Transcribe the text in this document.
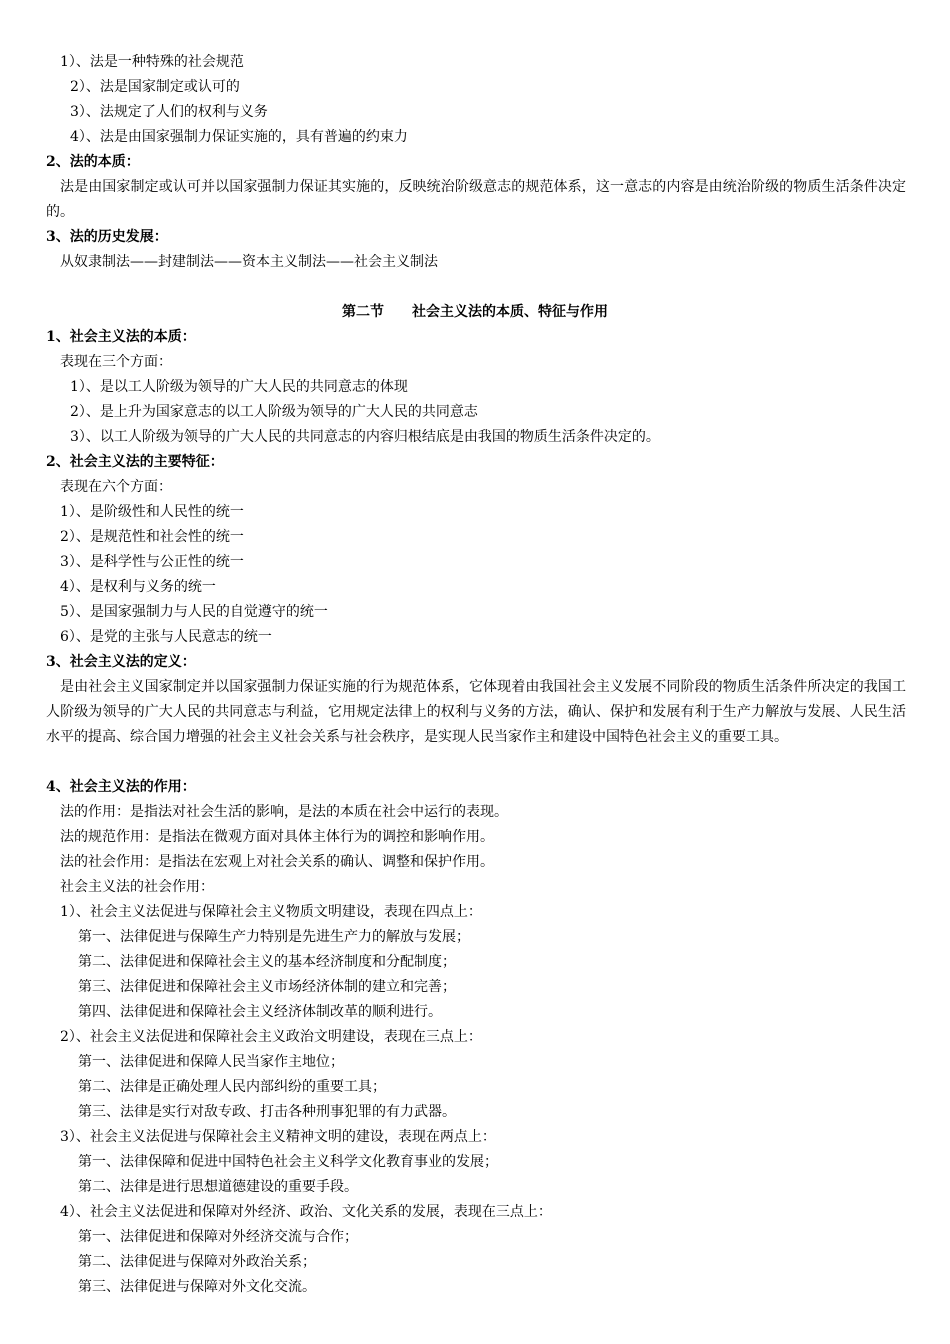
1）、法是一种特殊的社会规范
2）、法是国家制定或认可的
3）、法规定了人们的权利与义务
4）、法是由国家强制力保证实施的，具有普遍的约束力
2、法的本质：
法是由国家制定或认可并以国家强制力保证其实施的，反映统治阶级意志的规范体系，这一意志的内容是由统治阶级的物质生活条件决定的。
3、法的历史发展：
从奴隶制法——封建制法——资本主义制法——社会主义制法
第二节　　社会主义法的本质、特征与作用
1、社会主义法的本质：
表现在三个方面：
1）、是以工人阶级为领导的广大人民的共同意志的体现
2）、是上升为国家意志的以工人阶级为领导的广大人民的共同意志
3）、以工人阶级为领导的广大人民的共同意志的内容归根结底是由我国的物质生活条件决定的。
2、社会主义法的主要特征：
表现在六个方面：
1）、是阶级性和人民性的统一
2）、是规范性和社会性的统一
3）、是科学性与公正性的统一
4）、是权利与义务的统一
5）、是国家强制力与人民的自觉遵守的统一
6）、是党的主张与人民意志的统一
3、社会主义法的定义：
是由社会主义国家制定并以国家强制力保证实施的行为规范体系，它体现着由我国社会主义发展不同阶段的物质生活条件所决定的我国工人阶级为领导的广大人民的共同意志与利益，它用规定法律上的权利与义务的方法，确认、保护和发展有利于生产力解放与发展、人民生活水平的提高、综合国力增强的社会主义社会关系与社会秩序，是实现人民当家作主和建设中国特色社会主义的重要工具。
4、社会主义法的作用：
法的作用：是指法对社会生活的影响，是法的本质在社会中运行的表现。
法的规范作用：是指法在微观方面对具体主体行为的调控和影响作用。
法的社会作用：是指法在宏观上对社会关系的确认、调整和保护作用。
社会主义法的社会作用：
1）、社会主义法促进与保障社会主义物质文明建设，表现在四点上：
第一、法律促进与保障生产力特别是先进生产力的解放与发展；
第二、法律促进和保障社会主义的基本经济制度和分配制度；
第三、法律促进和保障社会主义市场经济体制的建立和完善；
第四、法律促进和保障社会主义经济体制改革的顺利进行。
2）、社会主义法促进和保障社会主义政治文明建设，表现在三点上：
第一、法律促进和保障人民当家作主地位；
第二、法律是正确处理人民内部纠纷的重要工具；
第三、法律是实行对敌专政、打击各种刑事犯罪的有力武器。
3）、社会主义法促进与保障社会主义精神文明的建设，表现在两点上：
第一、法律保障和促进中国特色社会主义科学文化教育事业的发展；
第二、法律是进行思想道德建设的重要手段。
4）、社会主义法促进和保障对外经济、政治、文化关系的发展，表现在三点上：
第一、法律促进和保障对外经济交流与合作；
第二、法律促进与保障对外政治关系；
第三、法律促进与保障对外文化交流。
